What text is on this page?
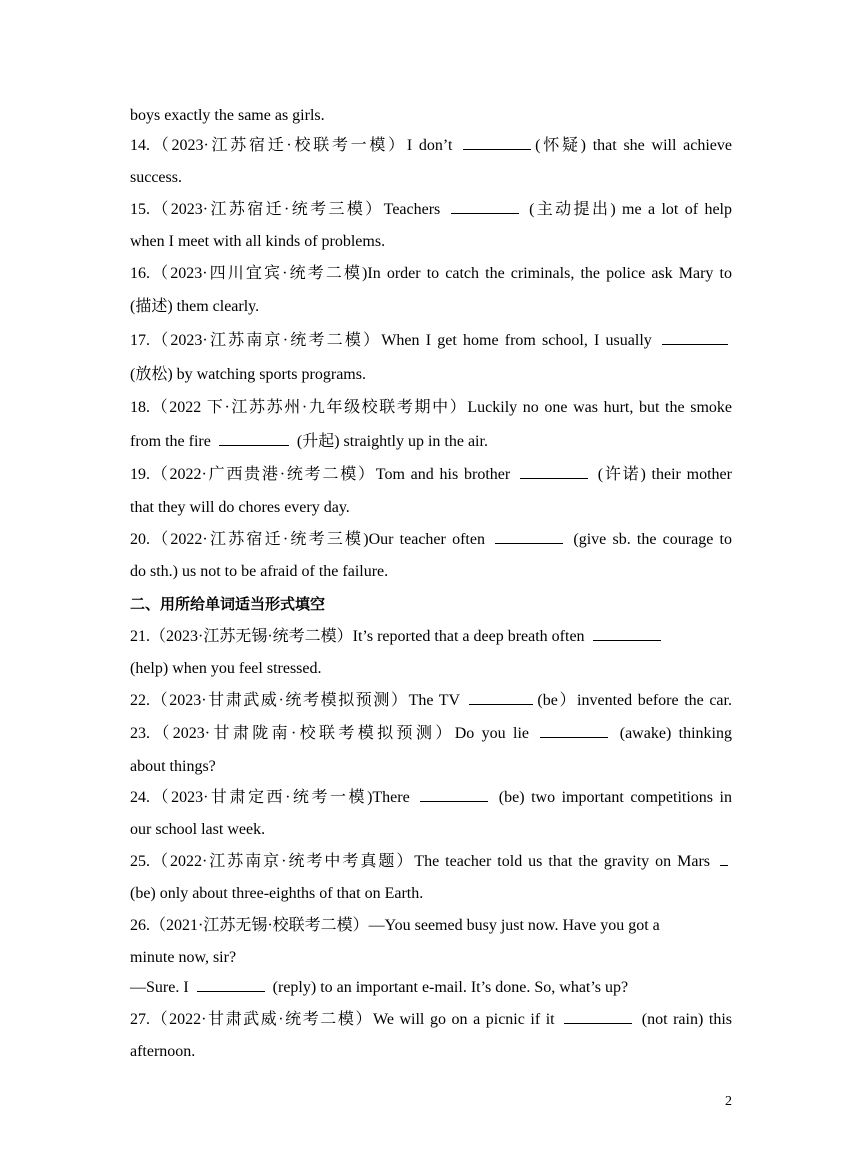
boys exactly the same as girls.
14.（2023·江苏宿迁·校联考一模）I don’t	(怀疑) that she will achieve
success.
15.（2023·江苏宿迁·统考三模）Teachers	(主动提出) me a lot of help
when I meet with all kinds of problems.
16.（2023·四川宜宾·统考二模)In order to catch the criminals, the police ask Mary to
(描述) them clearly.
17.（2023·江苏南京·统考二模）When I get home from school, I usually
(放松) by watching sports programs.
18.（2022 下·江苏苏州·九年级校联考期中）Luckily no one was hurt, but the smoke
from the fire	(升起) straightly up in the air.
19.（2022·广西贵港·统考二模）Tom and his brother	(许诺) their mother
that they will do chores every day.
20.（2022·江苏宿迁·统考三模)Our teacher often	(give sb. the courage to
do sth.) us not to be afraid of the failure.
二、用所给单词适当形式填空
21.（2023·江苏无锡·统考二模）It’s reported that a deep breath often
(help) when you feel stressed.
22.（2023·甘肃武威·统考模拟预测）The TV	(be）invented before the car.
23.（2023·甘肃陇南·校联考模拟预测）Do you lie	(awake) thinking
about things?
24.（2023·甘肃定西·统考一模)There	(be) two important competitions in
our school last week.
25.（2022·江苏南京·统考中考真题）The teacher told us that the gravity on Mars
(be) only about three-eighths of that on Earth.
26.（2021·江苏无锡·校联考二模）—You seemed busy just now. Have you got a
minute now, sir?
—Sure. I	(reply) to an important e-mail. It’s done. So, what’s up?
27.（2022·甘肃武威·统考二模）We will go on a picnic if it	(not rain) this
afternoon.
2
